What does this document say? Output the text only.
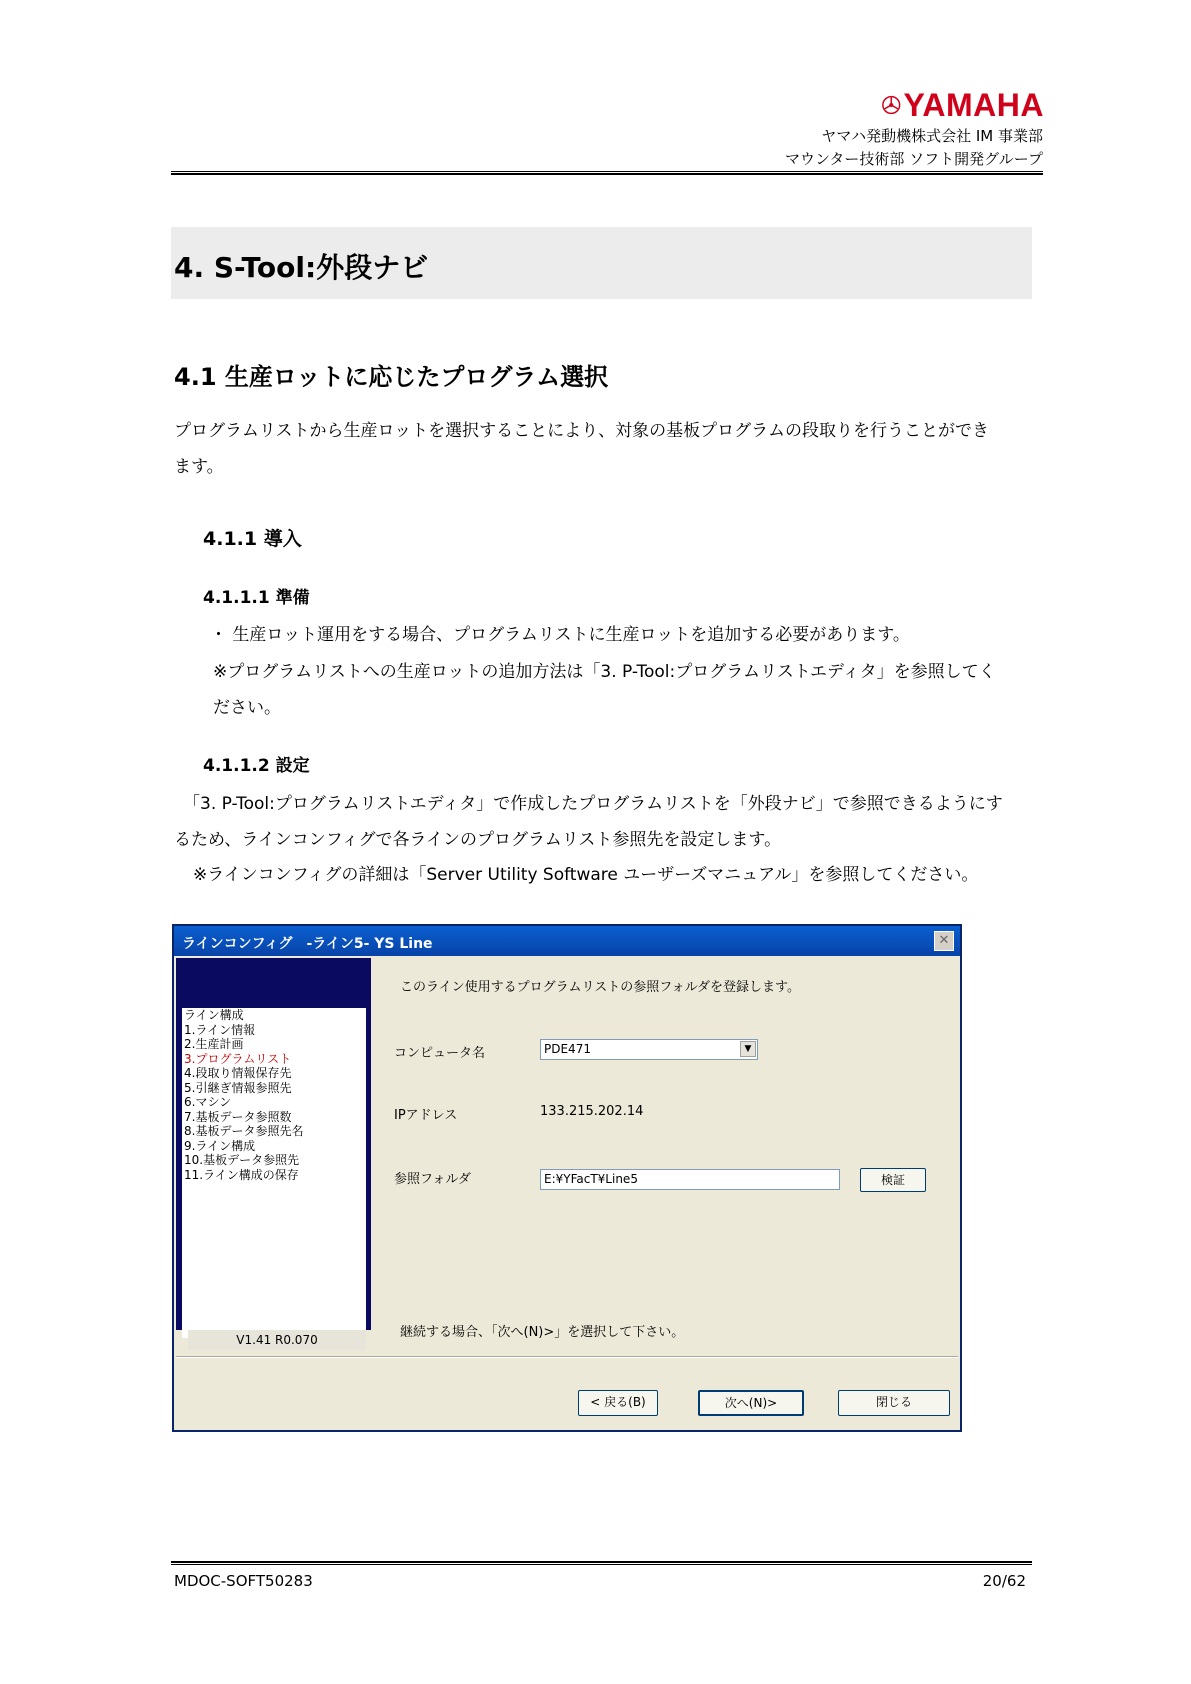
YAMAHA
ヤマハ発動機株式会社 IM 事業部
マウンター技術部 ソフト開発グループ
4. S-Tool:外段ナビ
4.1 生産ロットに応じたプログラム選択
プログラムリストから生産ロットを選択することにより、対象の基板プログラムの段取りを行うことができ
ます。
4.1.1 導入
4.1.1.1 準備
・ 生産ロット運用をする場合、プログラムリストに生産ロットを追加する必要があります。
※プログラムリストへの生産ロットの追加方法は「3. P-Tool:プログラムリストエディタ」を参照してく
ださい。
4.1.1.2 設定
「3. P-Tool:プログラムリストエディタ」で作成したプログラムリストを「外段ナビ」で参照できるようにす
るため、ラインコンフィグで各ラインのプログラムリスト参照先を設定します。
※ラインコンフィグの詳細は「Server Utility Software ユーザーズマニュアル」を参照してください。
ラインコンフィグ　-ライン5- YS Line	✕
ライン構成
1.ライン情報
2.生産計画
3.プログラムリスト
4.段取り情報保存先
5.引継ぎ情報参照先
6.マシン
7.基板データ参照数
8.基板データ参照先名
9.ライン構成
10.基板データ参照先
11.ライン構成の保存
V1.41 R0.070
このライン使用するプログラムリストの参照フォルダを登録します。
コンピュータ名	PDE471	▼
IPアドレス	133.215.202.14
参照フォルダ	E:¥YFacT¥Line5	検証
継続する場合、「次へ(N)>」を選択して下さい。
< 戻る(B)	次へ(N)>	閉じる
MDOC-SOFT50283	20/62
